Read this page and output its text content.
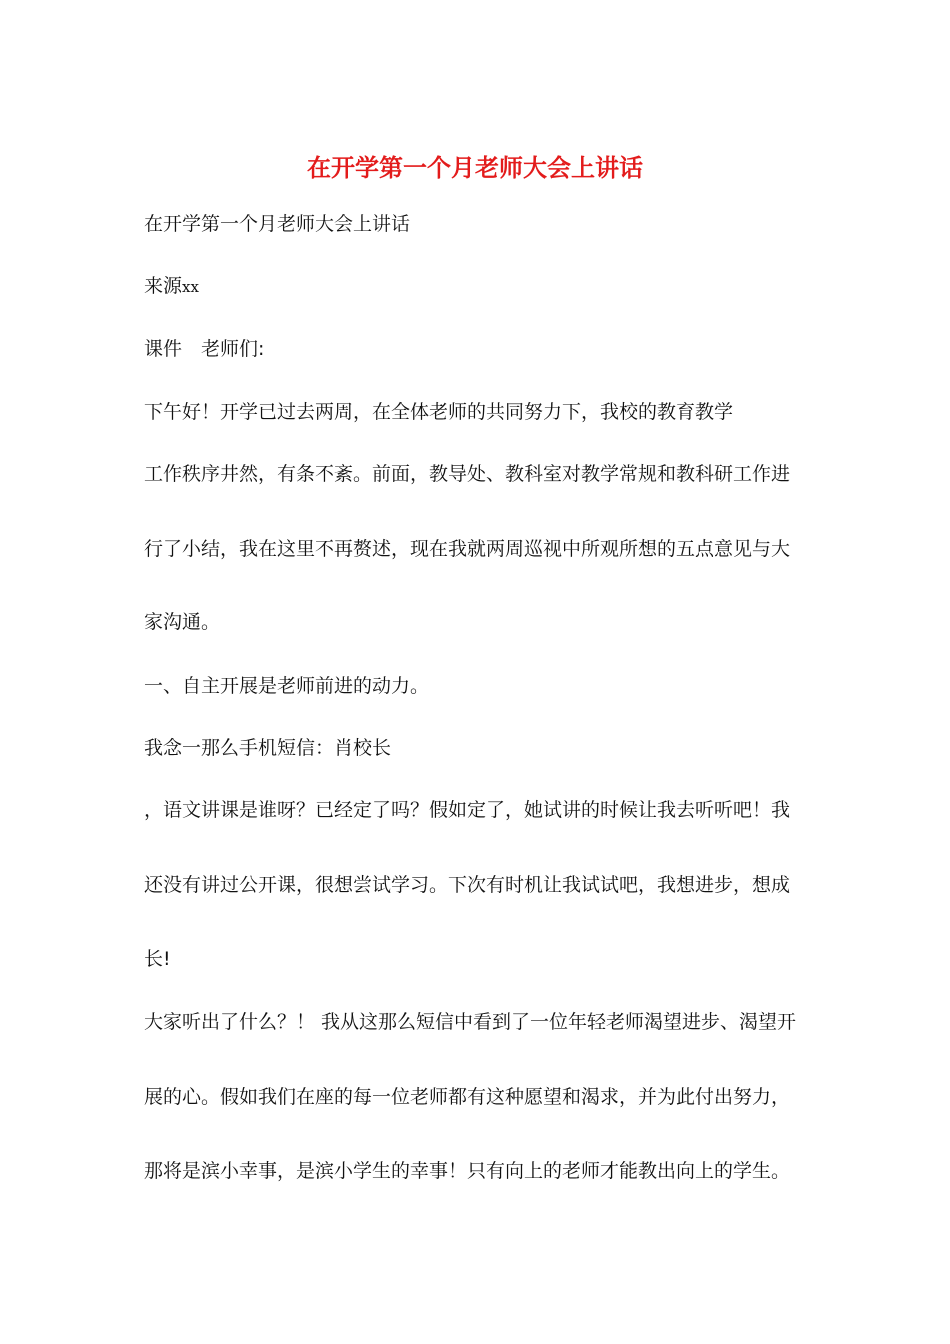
在开学第一个月老师大会上讲话

在开学第一个月老师大会上讲话

来源xx

课件　老师们:

下午好！开学已过去两周，在全体老师的共同努力下，我校的教育教学

工作秩序井然，有条不紊。前面，教导处、教科室对教学常规和教科研工作进

行了小结，我在这里不再赘述，现在我就两周巡视中所观所想的五点意见与大

家沟通。

一、自主开展是老师前进的动力。

我念一那么手机短信：肖校长

，语文讲课是谁呀？已经定了吗？假如定了，她试讲的时候让我去听听吧！我

还没有讲过公开课，很想尝试学习。下次有时机让我试试吧，我想进步，想成

长!

大家听出了什么？！ 我从这那么短信中看到了一位年轻老师渴望进步、渴望开

展的心。假如我们在座的每一位老师都有这种愿望和渴求，并为此付出努力，

那将是滨小幸事，是滨小学生的幸事！只有向上的老师才能教出向上的学生。
